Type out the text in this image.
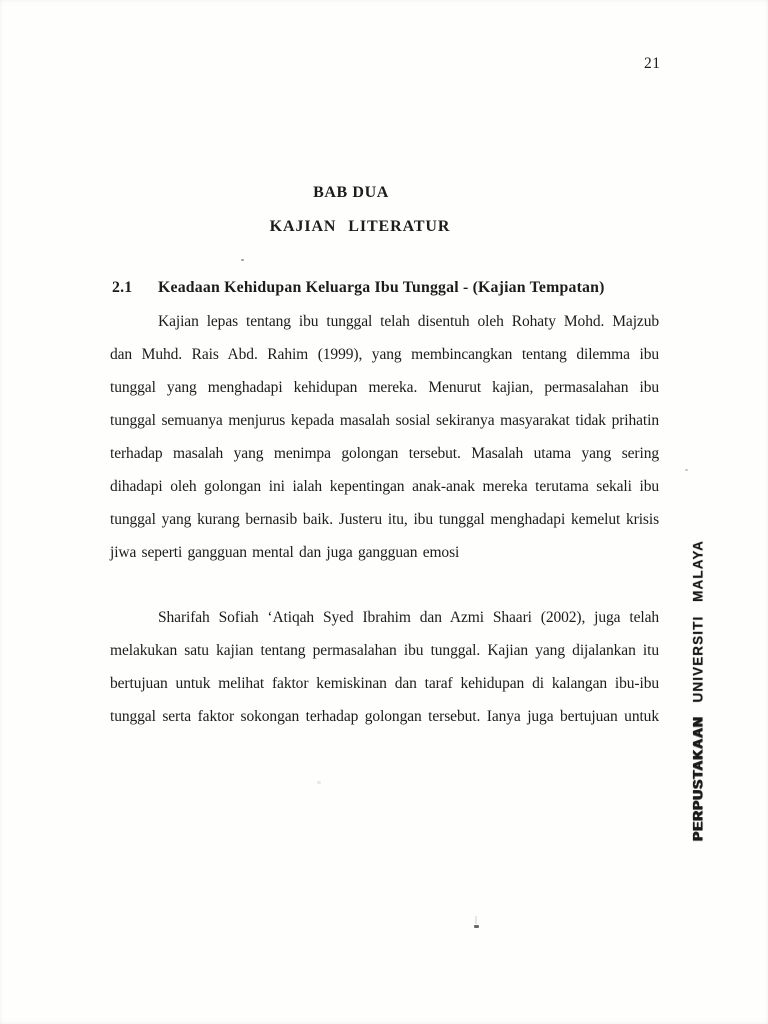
21
BAB DUA
KAJIAN LITERATUR
2.1	Keadaan Kehidupan Keluarga Ibu Tunggal - (Kajian Tempatan)
Kajian lepas tentang ibu tunggal telah disentuh oleh Rohaty Mohd. Majzub dan Muhd. Rais Abd. Rahim (1999), yang membincangkan tentang dilemma ibu tunggal yang menghadapi kehidupan mereka. Menurut kajian, permasalahan ibu tunggal semuanya menjurus kepada masalah sosial sekiranya masyarakat tidak prihatin terhadap masalah yang menimpa golongan tersebut. Masalah utama yang sering dihadapi oleh golongan ini ialah kepentingan anak-anak mereka terutama sekali ibu tunggal yang kurang bernasib baik. Justeru itu, ibu tunggal menghadapi kemelut krisis jiwa seperti gangguan mental dan juga gangguan emosi
Sharifah Sofiah ‘Atiqah Syed Ibrahim dan Azmi Shaari (2002), juga telah melakukan satu kajian tentang permasalahan ibu tunggal. Kajian yang dijalankan itu bertujuan untuk melihat faktor kemiskinan dan taraf kehidupan di kalangan ibu-ibu tunggal serta faktor sokongan terhadap golongan tersebut. Ianya juga bertujuan untuk PERPUSTAKAAN UNIVERSITI MALAYA
